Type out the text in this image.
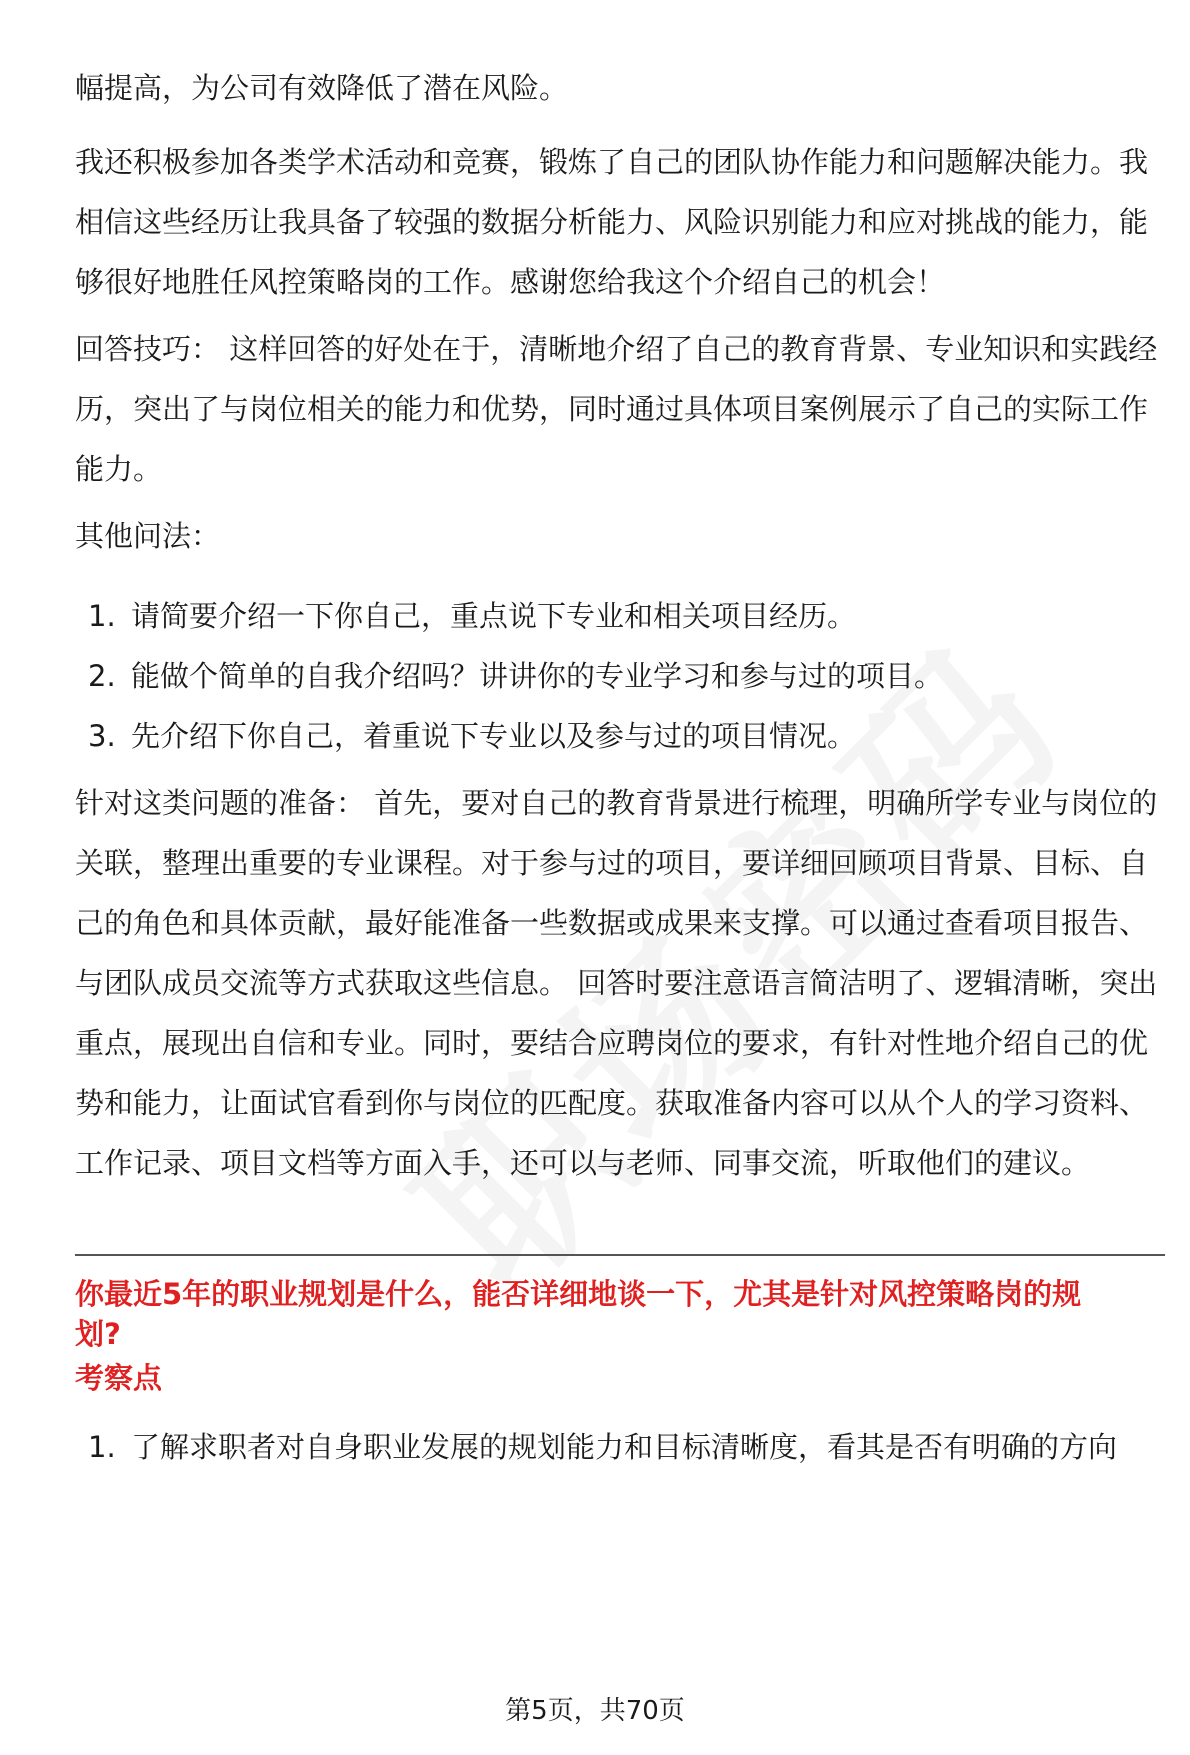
幅提高，为公司有效降低了潜在风险。

我还积极参加各类学术活动和竞赛，锻炼了自己的团队协作能力和问题解决能力。我相信这些经历让我具备了较强的数据分析能力、风险识别能力和应对挑战的能力，能够很好地胜任风控策略岗的工作。感谢您给我这个介绍自己的机会！

回答技巧： 这样回答的好处在于，清晰地介绍了自己的教育背景、专业知识和实践经历，突出了与岗位相关的能力和优势，同时通过具体项目案例展示了自己的实际工作能力。

其他问法：

1. 请简要介绍一下你自己，重点说下专业和相关项目经历。
2. 能做个简单的自我介绍吗？讲讲你的专业学习和参与过的项目。
3. 先介绍下你自己，着重说下专业以及参与过的项目情况。

针对这类问题的准备： 首先，要对自己的教育背景进行梳理，明确所学专业与岗位的关联，整理出重要的专业课程。对于参与过的项目，要详细回顾项目背景、目标、自己的角色和具体贡献，最好能准备一些数据或成果来支撑。可以通过查看项目报告、与团队成员交流等方式获取这些信息。 回答时要注意语言简洁明了、逻辑清晰，突出重点，展现出自信和专业。同时，要结合应聘岗位的要求，有针对性地介绍自己的优势和能力，让面试官看到你与岗位的匹配度。获取准备内容可以从个人的学习资料、工作记录、项目文档等方面入手，还可以与老师、同事交流，听取他们的建议。

你最近5年的职业规划是什么，能否详细地谈一下，尤其是针对风控策略岗的规划?
考察点
1. 了解求职者对自身职业发展的规划能力和目标清晰度，看其是否有明确的方向
第5页，共70页
